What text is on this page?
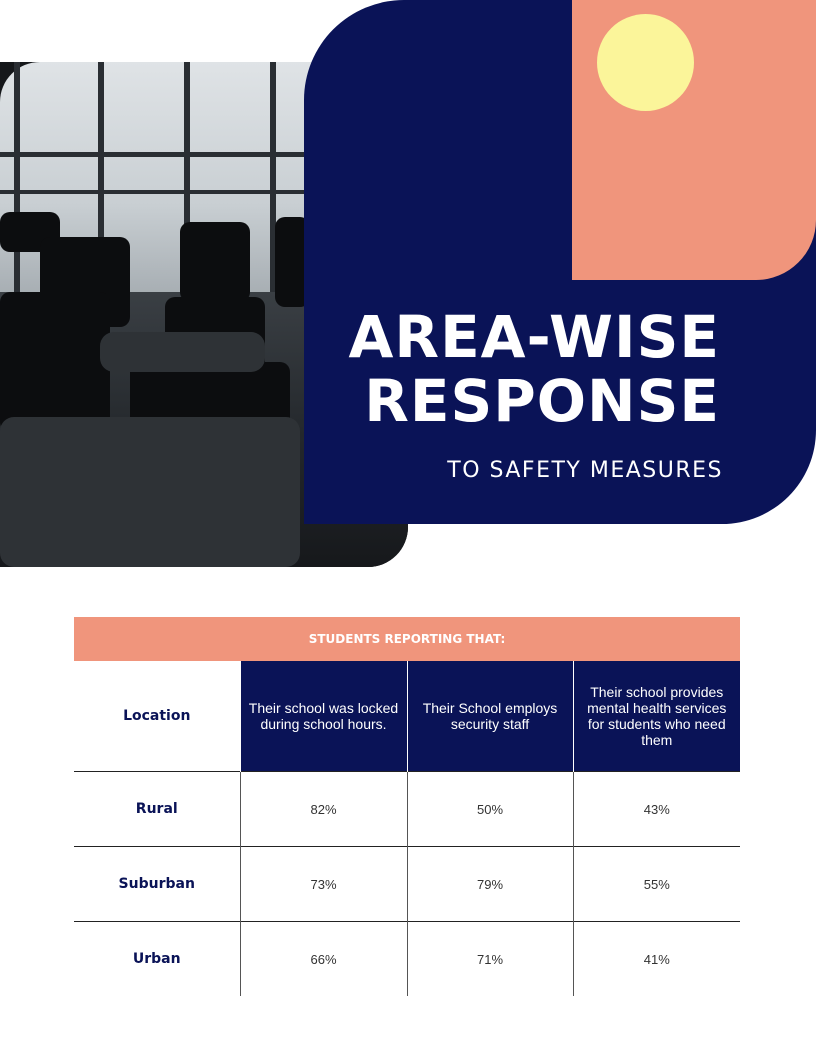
AREA-WISE
RESPONSE
TO SAFETY MEASURES
STUDENTS REPORTING THAT:
Location	Their school was locked during school hours.	Their School employs security staff	Their school provides mental health services for students who need them
Rural	82%	50%	43%
Suburban	73%	79%	55%
Urban	66%	71%	41%
